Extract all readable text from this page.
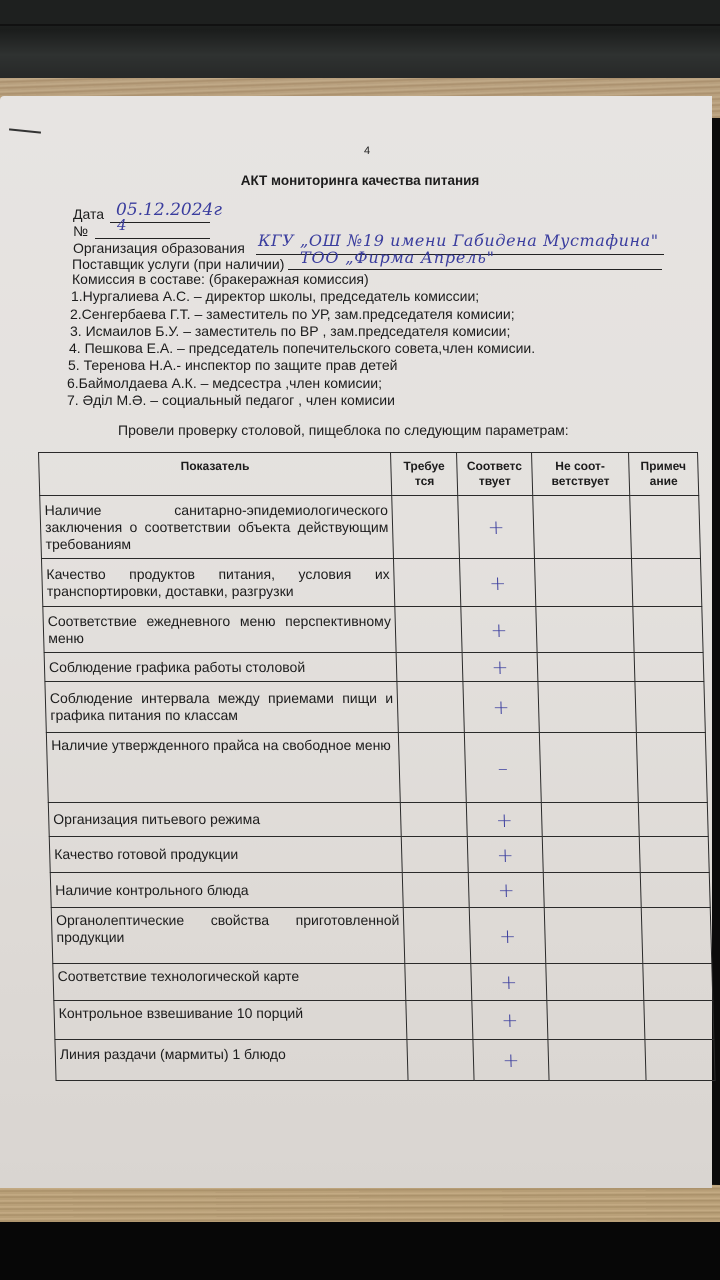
4
АКТ мониторинга качества питания
Дата 05.12.2024г
№ 4
Организация образования КГУ „ОШ №19 имени Габидена Мустафина"
Поставщик услуги (при наличии) ТОО „Фирма Апрель"
Комиссия в составе: (бракеражная комиссия)
1.Нургалиева А.С. – директор школы, председатель комиссии;
2.Сенгербаева Г.Т. – заместитель по УР, зам.председателя комисии;
3. Исмаилов Б.У. – заместитель по ВР , зам.председателя комисии;
4. Пешкова Е.А. – председатель попечительского совета,член комисии.
5. Теренова Н.А.- инспектор по защите прав детей
6.Баймолдаева А.К. – медсестра ,член комисии;
7. Әділ М.Ә. – социальный педагог , член комисии
Провели проверку столовой, пищеблока по следующим параметрам:
Показатель	Требуе тся	Соответс твует	Не соот- ветствует	Примеч ание
Наличие санитарно-эпидемиологического заключения о соответствии объекта действующим требованиям		+		
Качество продуктов питания, условия их транспортировки, доставки, разгрузки		+		
Соответствие ежедневного меню перспективному меню		+		
Соблюдение графика работы столовой		+		
Соблюдение интервала между приемами пищи и графика питания по классам		+		
Наличие утвержденного прайса на свободное меню		–		
Организация питьевого режима		+		
Качество готовой продукции		+		
Наличие контрольного блюда		+		
Органолептические свойства приготовленной продукции		+		
Соответствие технологической карте		+		
Контрольное взвешивание 10 порций		+		
Линия раздачи (мармиты) 1 блюдо		+		
